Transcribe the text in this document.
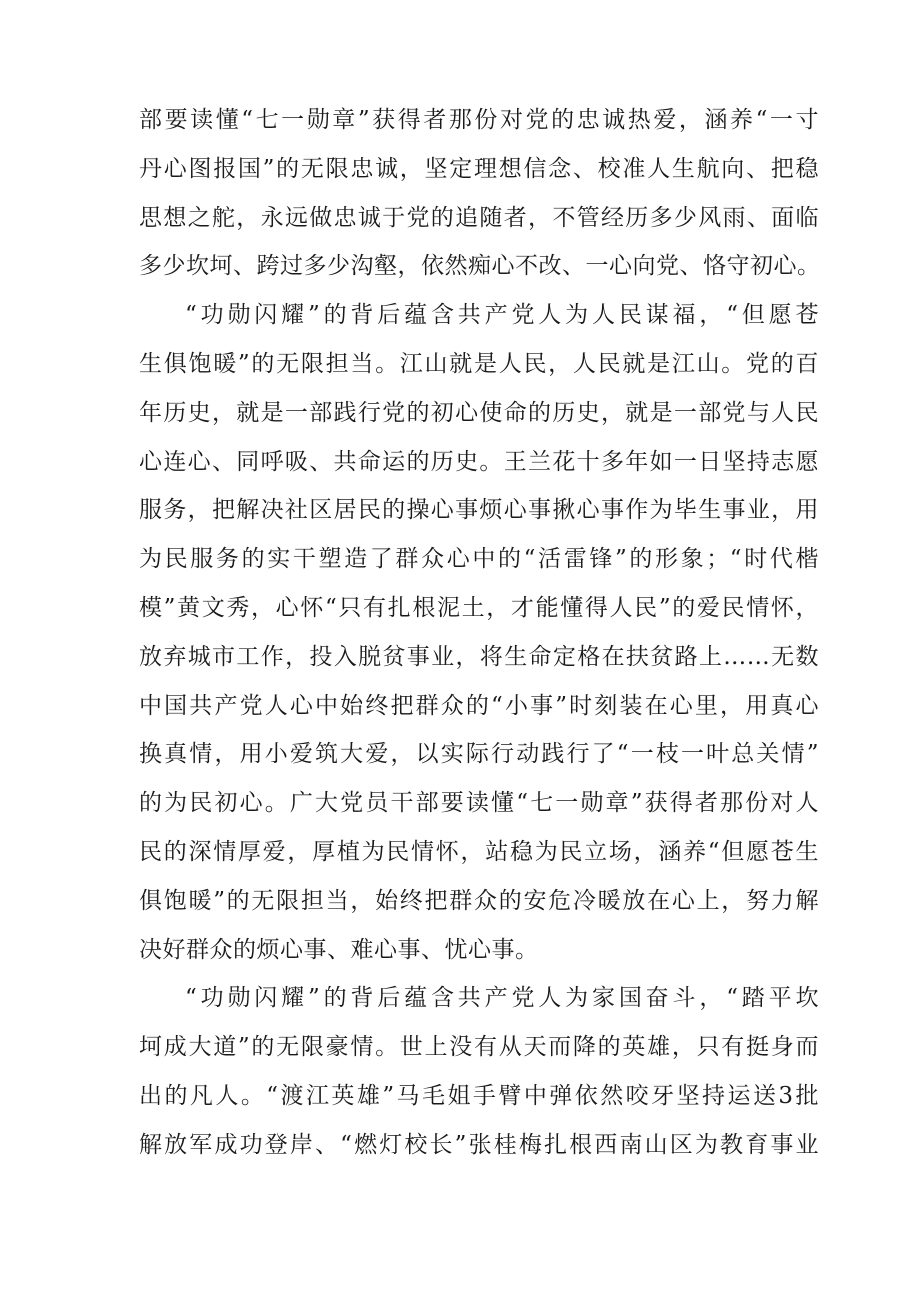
部要读懂“七一勋章”获得者那份对党的忠诚热爱，涵养“一寸
丹心图报国”的无限忠诚，坚定理想信念、校准人生航向、把稳
思想之舵，永远做忠诚于党的追随者，不管经历多少风雨、面临
多少坎坷、跨过多少沟壑，依然痴心不改、一心向党、恪守初心。
“功勋闪耀”的背后蕴含共产党人为人民谋福，“但愿苍
生俱饱暖”的无限担当。江山就是人民，人民就是江山。党的百
年历史，就是一部践行党的初心使命的历史，就是一部党与人民
心连心、同呼吸、共命运的历史。王兰花十多年如一日坚持志愿
服务，把解决社区居民的操心事烦心事揪心事作为毕生事业，用
为民服务的实干塑造了群众心中的“活雷锋”的形象；“时代楷
模”黄文秀，心怀“只有扎根泥土，才能懂得人民”的爱民情怀，
放弃城市工作，投入脱贫事业，将生命定格在扶贫路上……无数
中国共产党人心中始终把群众的“小事”时刻装在心里，用真心
换真情，用小爱筑大爱，以实际行动践行了“一枝一叶总关情”
的为民初心。广大党员干部要读懂“七一勋章”获得者那份对人
民的深情厚爱，厚植为民情怀，站稳为民立场，涵养“但愿苍生
俱饱暖”的无限担当，始终把群众的安危冷暖放在心上，努力解
决好群众的烦心事、难心事、忧心事。
“功勋闪耀”的背后蕴含共产党人为家国奋斗，“踏平坎
坷成大道”的无限豪情。世上没有从天而降的英雄，只有挺身而
出的凡人。“渡江英雄”马毛姐手臂中弹依然咬牙坚持运送3批
解放军成功登岸、“燃灯校长”张桂梅扎根西南山区为教育事业
